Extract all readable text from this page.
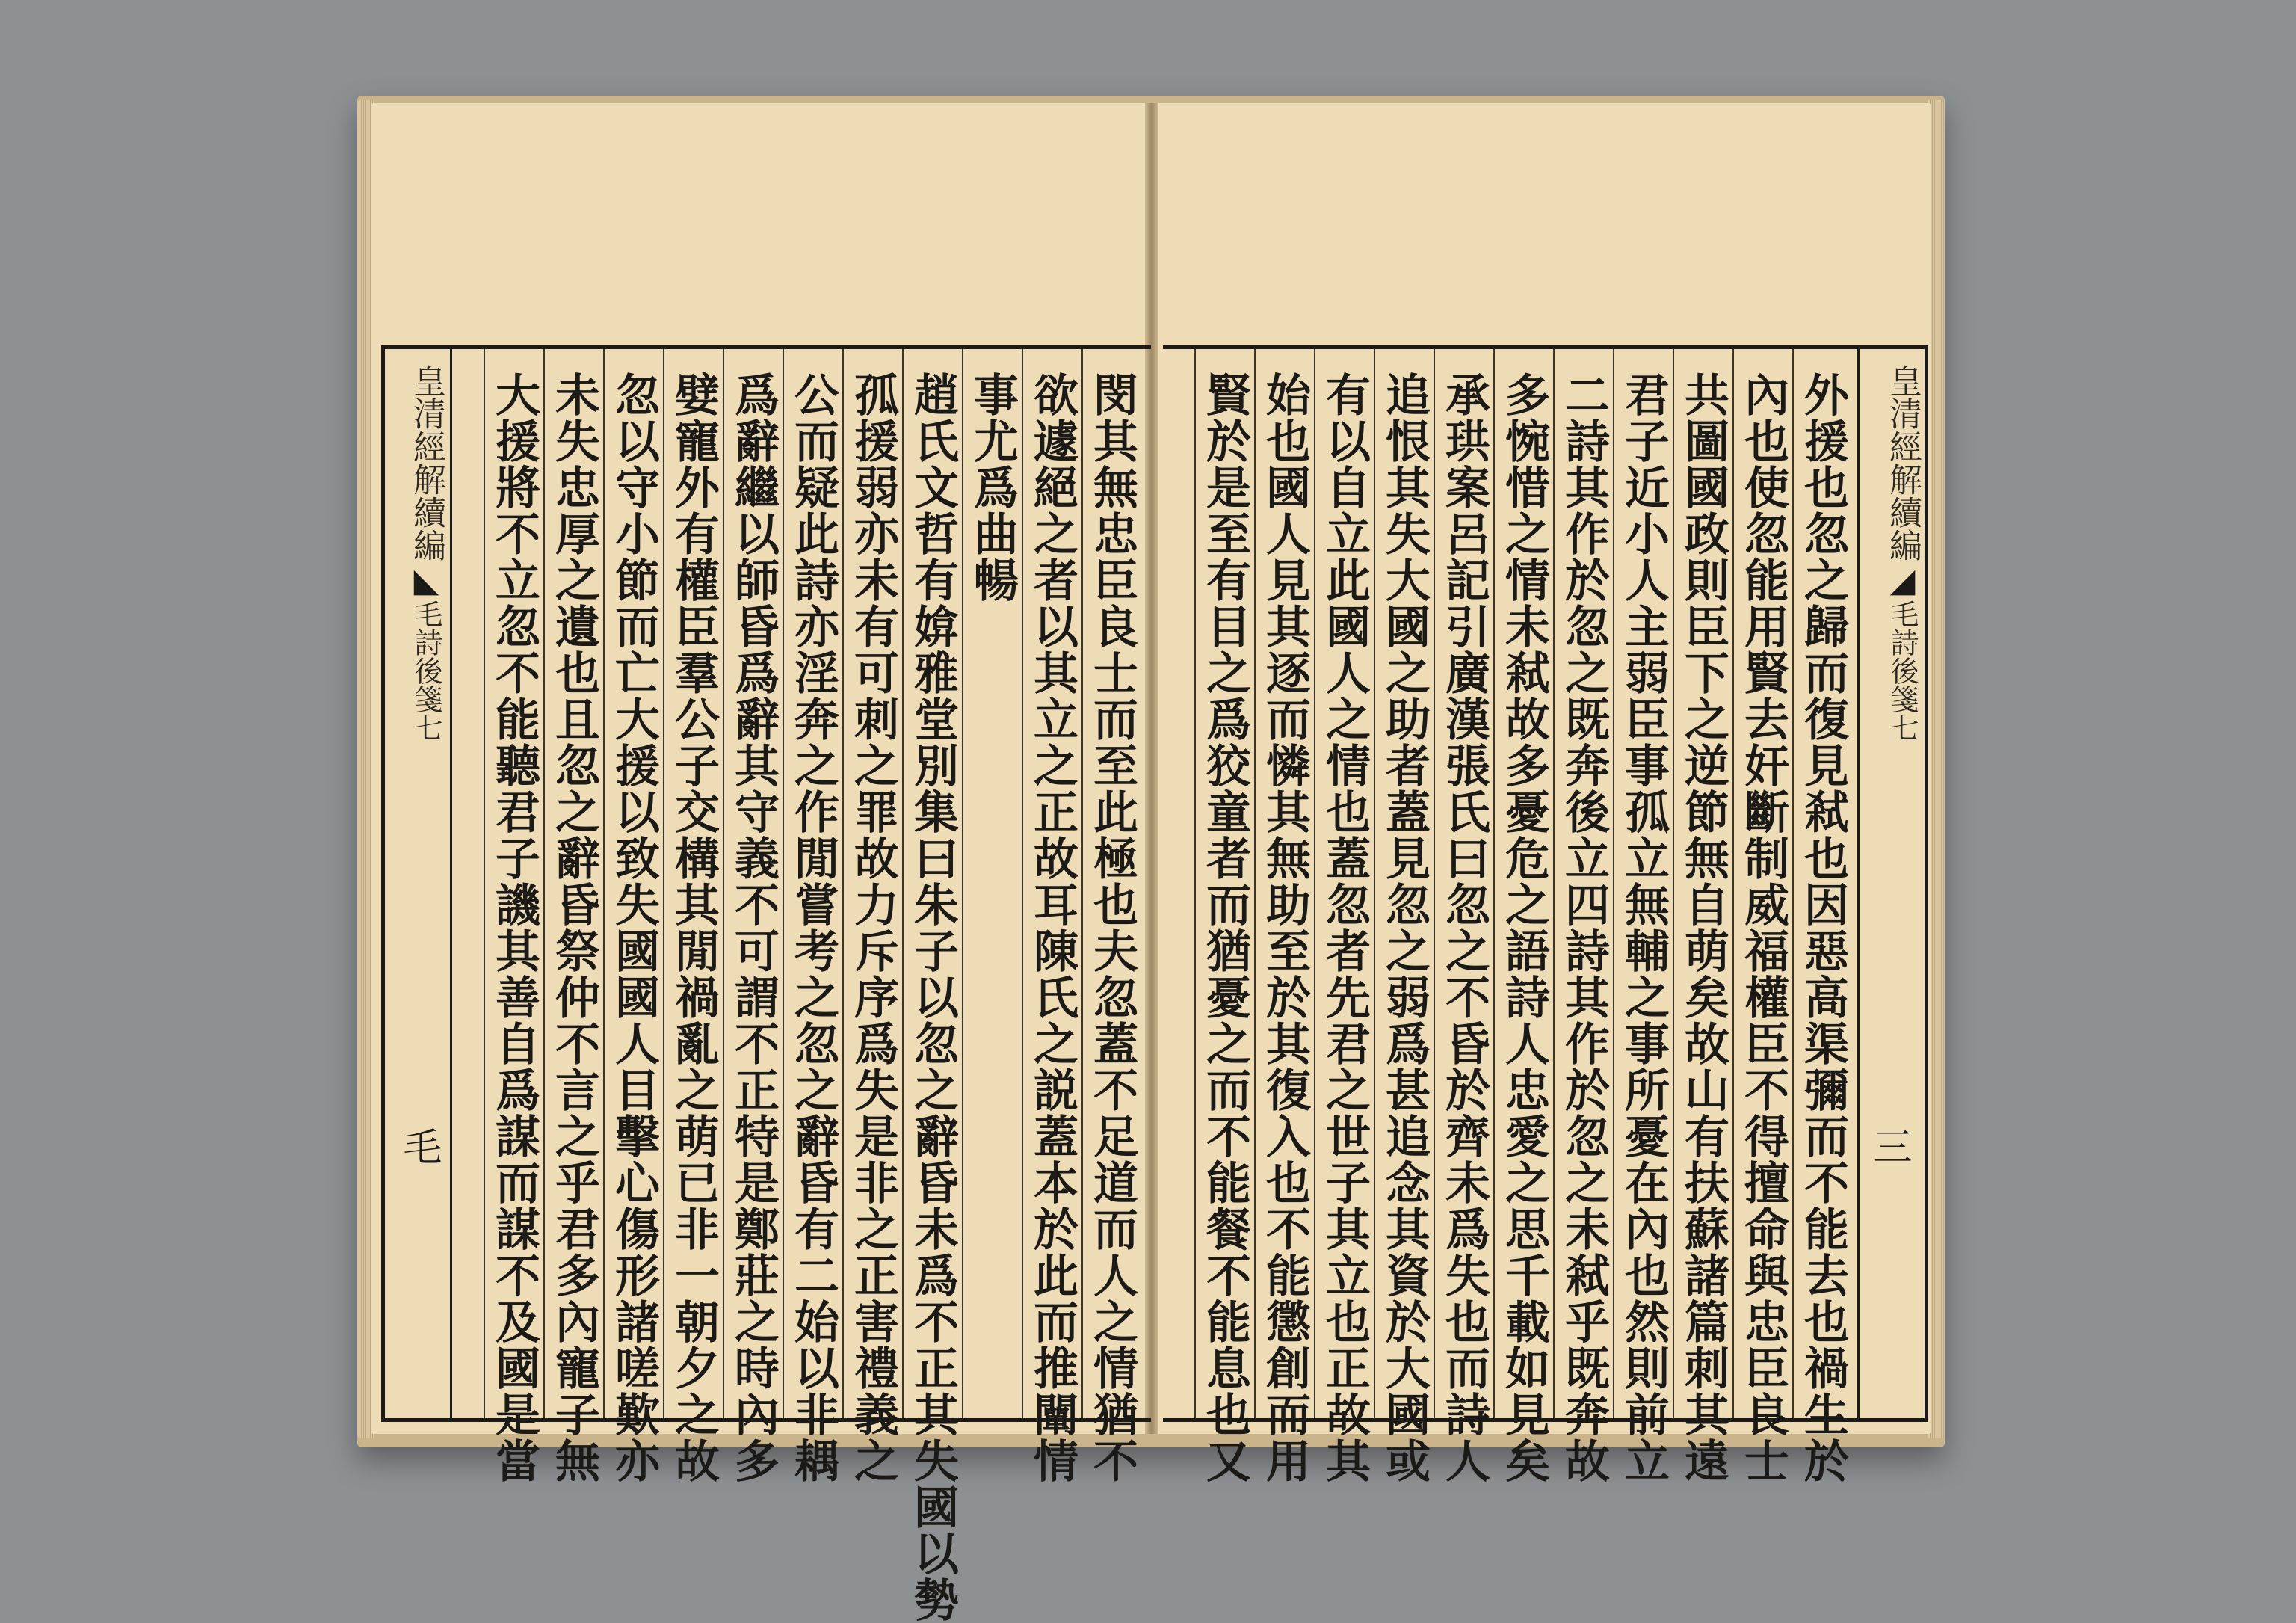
皇清經解續編◣毛詩後箋七
毛	閔其無忠臣良士而至此極也夫忽蓋不足道而人之情猶不
欲遽絕之者以其立之正故耳陳氏之説蓋本於此而推闡情
事尤爲曲暢
趙氏文哲有媕雅堂別集曰朱子以忽之辭昏未爲不正其失國以勢
孤援弱亦未有可刺之罪故力斥序爲失是非之正害禮義之
公而疑此詩亦淫奔之作閒嘗考之忽之辭昏有二始以非耦
爲辭繼以師昏爲辭其守義不可謂不正特是鄭莊之時內多
嬖寵外有權臣羣公子交構其閒禍亂之萌已非一朝夕之故
忽以守小節而亡大援以致失國國人目擊心傷形諸嗟歎亦
未失忠厚之遺也且忽之辭昏祭仲不言之乎君多內寵子無
大援將不立忽不能聽君子譏其善自爲謀而謀不及國是當	外援也忽之歸而復見弒也因惡高渠彌而不能去也禍生於
內也使忽能用賢去奸斷制威福權臣不得擅命與忠臣良士
共圖國政則臣下之逆節無自萌矣故山有扶蘇諸篇刺其遠
君子近小人主弱臣事孤立無輔之事所憂在內也然則前立
二詩其作於忽之既奔後立四詩其作於忽之未弒乎既奔故
多惋惜之情未弒故多憂危之語詩人忠愛之思千載如見矣
承珙案呂記引廣漢張氏曰忽之不昏於齊未爲失也而詩人
追恨其失大國之助者蓋見忽之弱爲甚追念其資於大國或
有以自立此國人之情也蓋忽者先君之世子其立也正故其
始也國人見其逐而憐其無助至於其復入也不能懲創而用
賢於是至有目之爲狡童者而猶憂之而不能餐不能息也又	皇清經解續編◢毛詩後箋七
三
